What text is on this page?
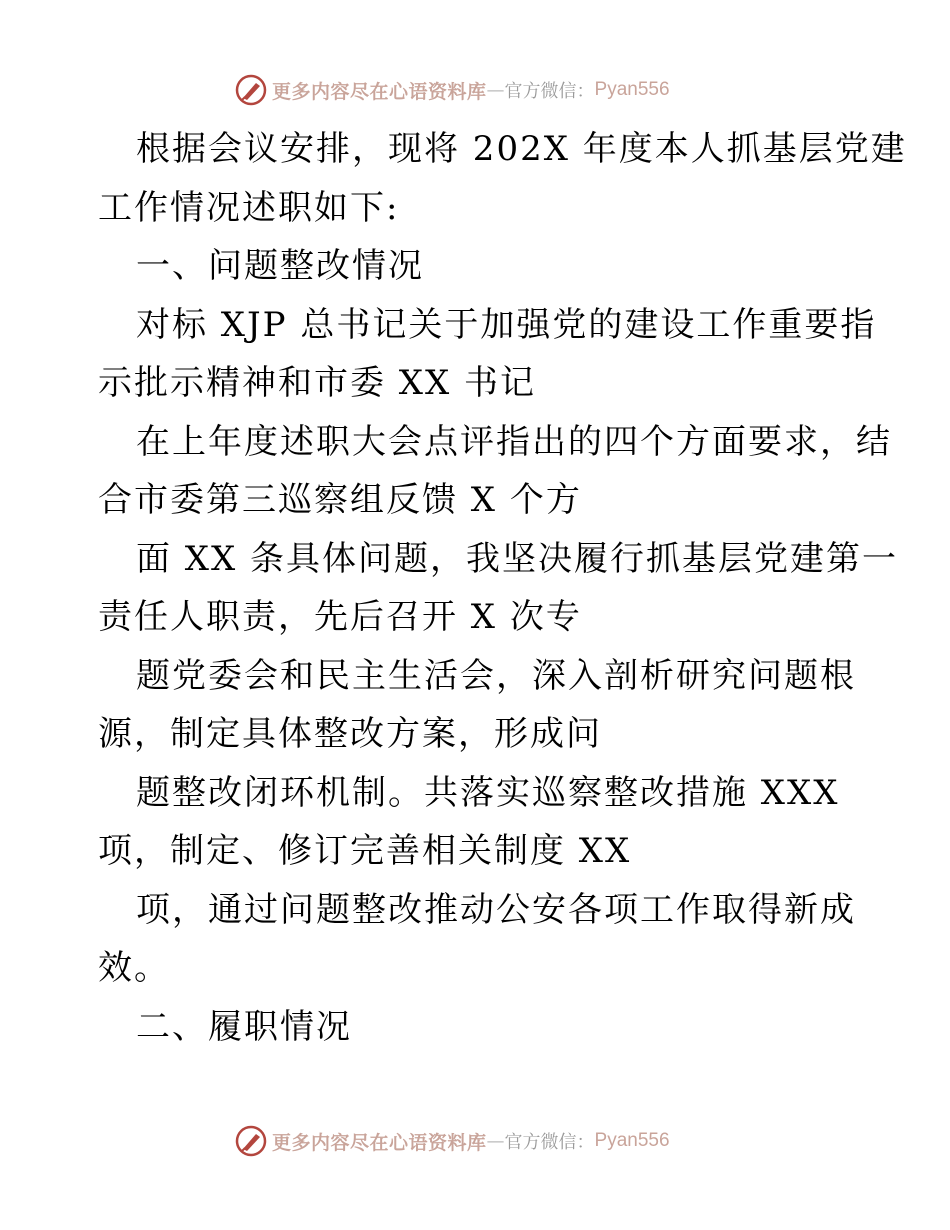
更多内容尽在心语资料库 — 官方微信： Pyan556
根据会议安排，现将 202X 年度本人抓基层党建
工作情况述职如下:
一、问题整改情况
对标 XJP 总书记关于加强党的建设工作重要指
示批示精神和市委 XX 书记
在上年度述职大会点评指出的四个方面要求，结
合市委第三巡察组反馈 X 个方
面 XX 条具体问题，我坚决履行抓基层党建第一
责任人职责，先后召开 X 次专
题党委会和民主生活会，深入剖析研究问题根
源，制定具体整改方案，形成问
题整改闭环机制。共落实巡察整改措施 XXX
项，制定、修订完善相关制度 XX
项，通过问题整改推动公安各项工作取得新成
效。
二、履职情况
更多内容尽在心语资料库 — 官方微信： Pyan556
